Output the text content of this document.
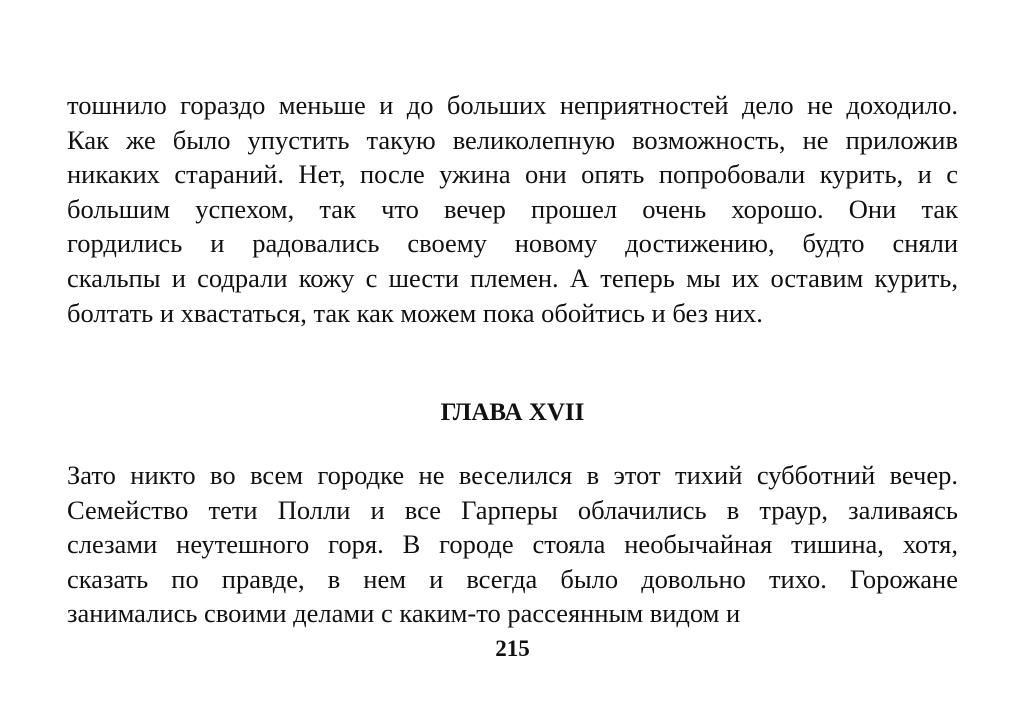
тошнило гораздо меньше и до больших неприятностей дело не доходило.
Как же было упустить такую великолепную возможность, не приложив
никаких стараний. Нет, после ужина они опять попробовали курить, и с
большим успехом, так что вечер прошел очень хорошо. Они так
гордились и радовались своему новому достижению, будто сняли
скальпы и содрали кожу с шести племен. А теперь мы их оставим курить,
болтать и хвастаться, так как можем пока обойтись и без них.
ГЛАВА XVII
Зато никто во всем городке не веселился в этот тихий субботний вечер.
Семейство тети Полли и все Гарперы облачились в траур, заливаясь
слезами неутешного горя. В городе стояла необычайная тишина, хотя,
сказать по правде, в нем и всегда было довольно тихо. Горожане
занимались своими делами с каким-то рассеянным видом и
215
